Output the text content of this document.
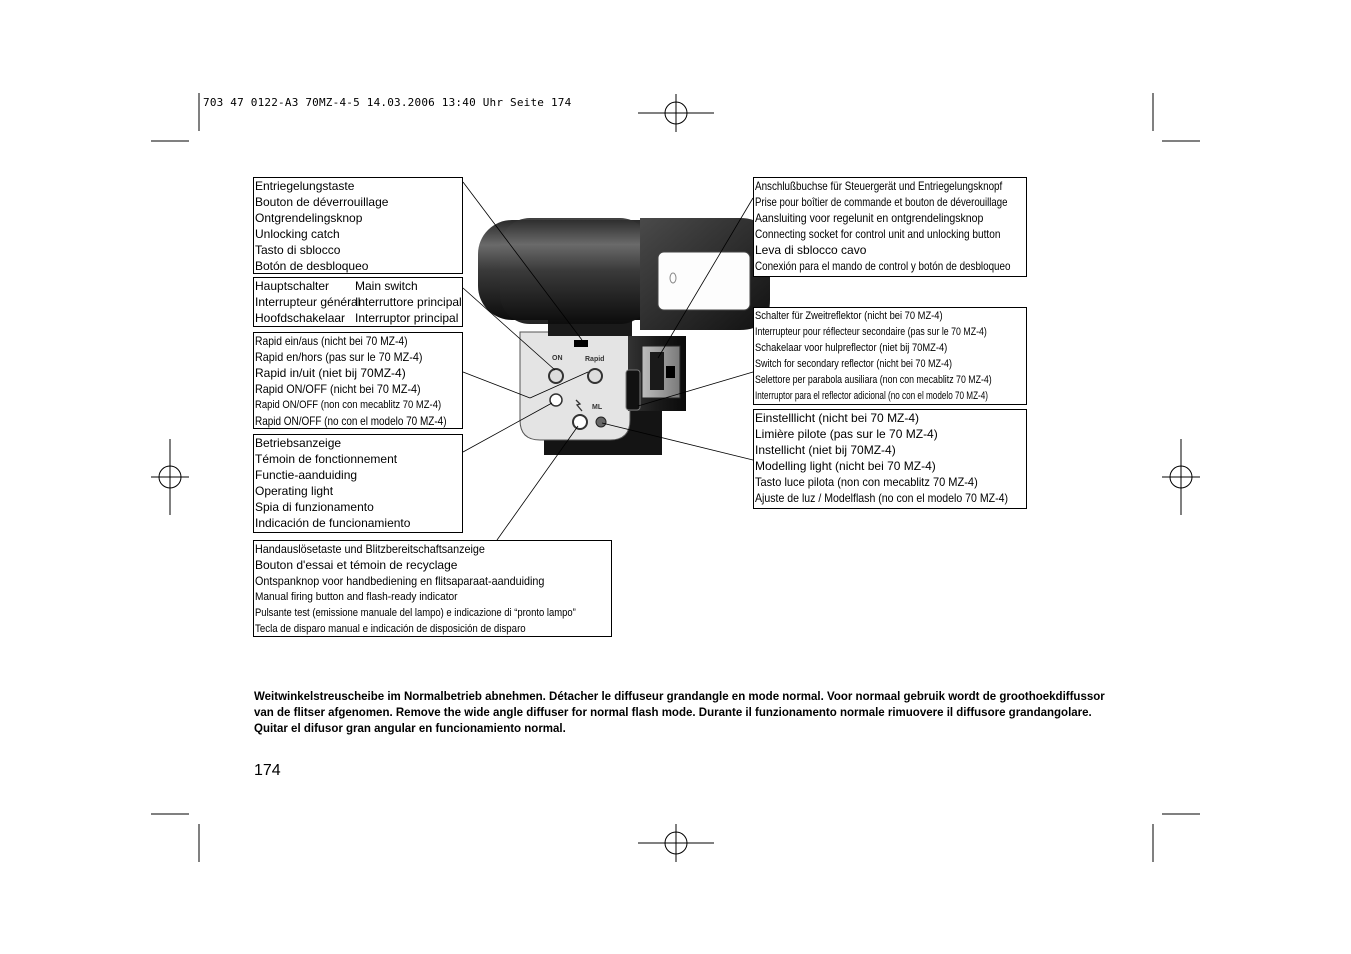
703 47 0122-A3 70MZ-4-5 14.03.2006 13:40 Uhr Seite 174
ON	Rapid
ML
Entriegelungstaste
Bouton de déverrouillage
Ontgrendelingsknop
Unlocking catch
Tasto di sblocco
Botón de desbloqueo
Hauptschalter	Main switch
Interrupteur général
Interruttore principal
Hoofdschakelaar Interruptor principal
Rapid ein/aus (nicht bei 70 MZ-4)
Rapid en/hors (pas sur le 70 MZ-4)
Rapid in/uit (niet bij 70MZ-4)
Rapid ON/OFF (nicht bei 70 MZ-4)
Rapid ON/OFF (non con mecablitz 70 MZ-4)
Rapid ON/OFF (no con el modelo 70 MZ-4)
Betriebsanzeige
Témoin de fonctionnement
Functie-aanduiding
Operating light
Spia di funzionamento
Indicación de funcionamiento
Handauslösetaste und Blitzbereitschaftsanzeige
Bouton d'essai et témoin de recyclage
Ontspanknop voor handbediening en flitsaparaat-aanduiding
Manual firing button and flash-ready indicator
Pulsante test (emissione manuale del lampo) e indicazione di “pronto lampo”
Tecla de disparo manual e indicación de disposición de disparo
Anschlußbuchse für Steuergerät und Entriegelungsknopf
Prise pour boîtier de commande et bouton de déverouillage
Aansluiting voor regelunit en ontgrendelingsknop
Connecting socket for control unit and unlocking button
Leva di sblocco cavo
Conexión para el mando de control y botón de desbloqueo
Schalter für Zweitreflektor (nicht bei 70 MZ-4)
Interrupteur pour réflecteur secondaire (pas sur le 70 MZ-4)
Schakelaar voor hulpreflector (niet bij 70MZ-4)
Switch for secondary reflector (nicht bei 70 MZ-4)
Selettore per parabola ausiliara (non con mecablitz 70 MZ-4)
Interruptor para el reflector adicional (no con el modelo 70 MZ-4)
Einstelllicht (nicht bei 70 MZ-4)
Limière pilote (pas sur le 70 MZ-4)
Instellicht (niet bij 70MZ-4)
Modelling light (nicht bei 70 MZ-4)
Tasto luce pilota (non con mecablitz 70 MZ-4)
Ajuste de luz / Modelflash (no con el modelo 70 MZ-4)
Weitwinkelstreuscheibe im Normalbetrieb abnehmen. Détacher le diffuseur grandangle en mode normal. Voor normaal gebruik wordt de groothoekdiffussor van de flitser afgenomen. Remove the wide angle diffuser for normal flash mode. Durante il funzionamento normale rimuovere il diffusore grandangolare. Quitar el difusor gran angular en funcionamiento normal.
174
